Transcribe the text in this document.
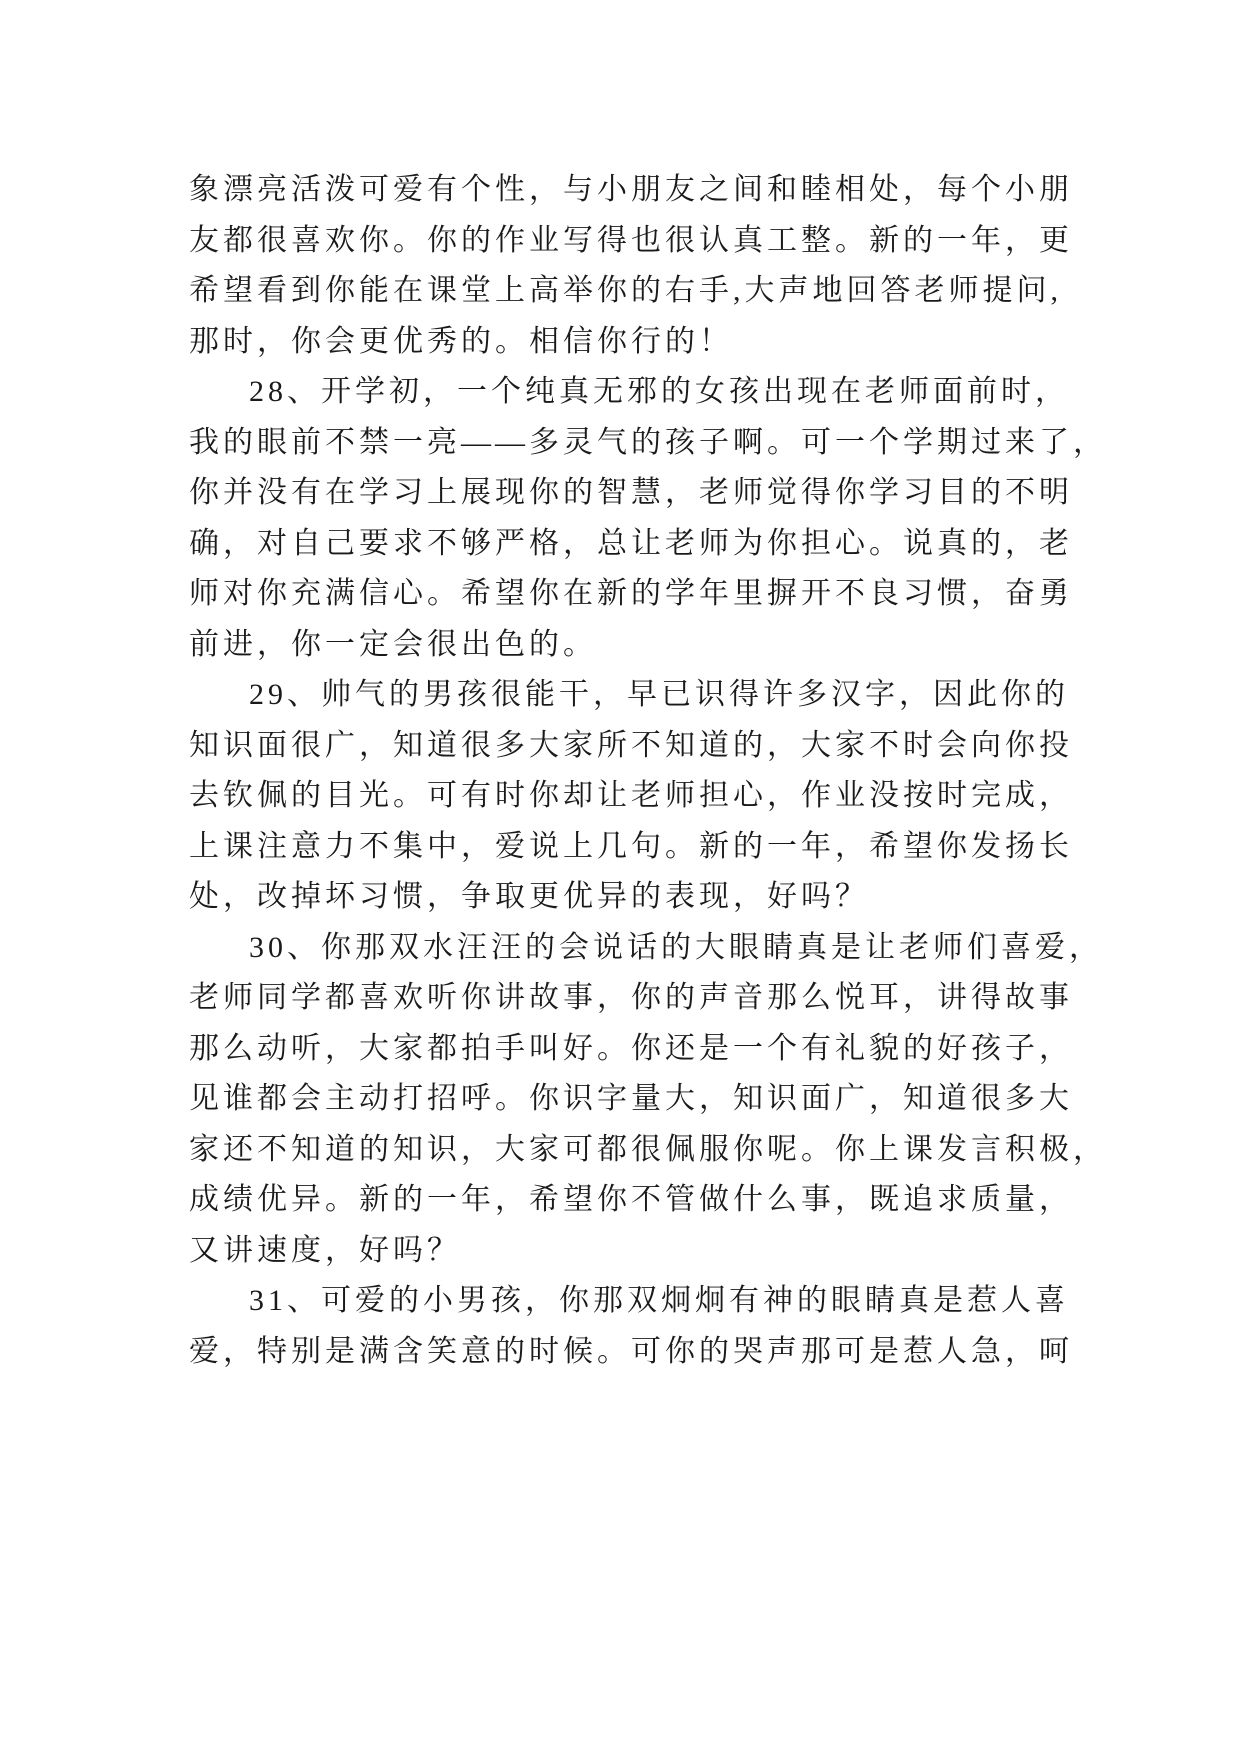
象漂亮活泼可爱有个性，与小朋友之间和睦相处，每个小朋
友都很喜欢你。你的作业写得也很认真工整。新的一年，更
希望看到你能在课堂上高举你的右手,大声地回答老师提问,
那时，你会更优秀的。相信你行的！
28、开学初，一个纯真无邪的女孩出现在老师面前时，
我的眼前不禁一亮——多灵气的孩子啊。可一个学期过来了，
你并没有在学习上展现你的智慧，老师觉得你学习目的不明
确，对自己要求不够严格，总让老师为你担心。说真的，老
师对你充满信心。希望你在新的学年里摒开不良习惯，奋勇
前进，你一定会很出色的。
29、帅气的男孩很能干，早已识得许多汉字，因此你的
知识面很广，知道很多大家所不知道的，大家不时会向你投
去钦佩的目光。可有时你却让老师担心，作业没按时完成，
上课注意力不集中，爱说上几句。新的一年，希望你发扬长
处，改掉坏习惯，争取更优异的表现，好吗？
30、你那双水汪汪的会说话的大眼睛真是让老师们喜爱，
老师同学都喜欢听你讲故事，你的声音那么悦耳，讲得故事
那么动听，大家都拍手叫好。你还是一个有礼貌的好孩子，
见谁都会主动打招呼。你识字量大，知识面广，知道很多大
家还不知道的知识，大家可都很佩服你呢。你上课发言积极，
成绩优异。新的一年，希望你不管做什么事，既追求质量，
又讲速度，好吗？
31、可爱的小男孩，你那双炯炯有神的眼睛真是惹人喜
爱，特别是满含笑意的时候。可你的哭声那可是惹人急，呵
